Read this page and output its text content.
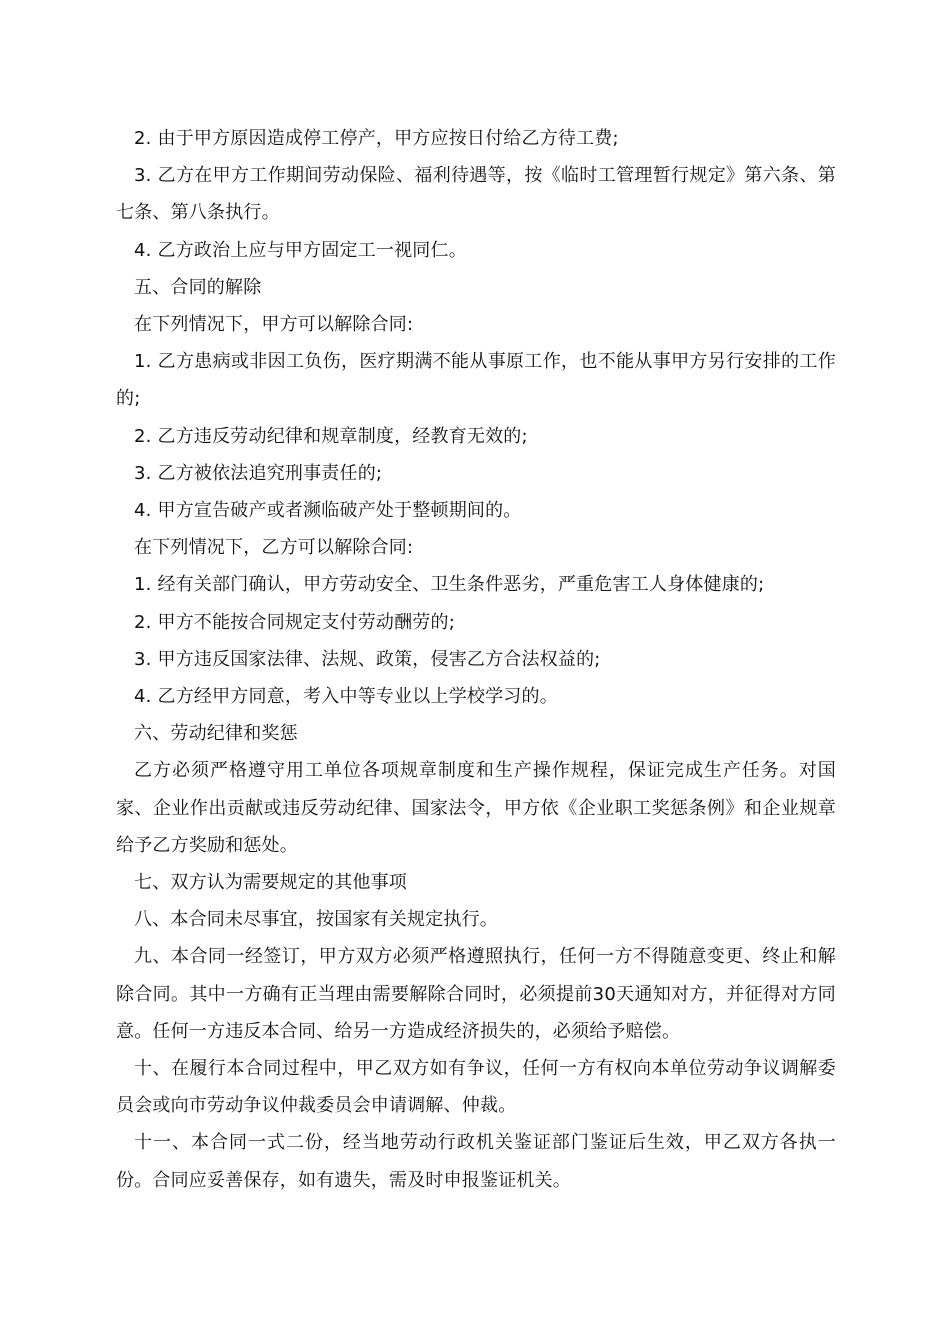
2. 由于甲方原因造成停工停产，甲方应按日付给乙方待工费;

3. 乙方在甲方工作期间劳动保险、福利待遇等，按《临时工管理暂行规定》第六条、第七条、第八条执行。

4. 乙方政治上应与甲方固定工一视同仁。

五、合同的解除

在下列情况下，甲方可以解除合同:

1. 乙方患病或非因工负伤，医疗期满不能从事原工作，也不能从事甲方另行安排的工作的;

2. 乙方违反劳动纪律和规章制度，经教育无效的;

3. 乙方被依法追究刑事责任的;

4. 甲方宣告破产或者濒临破产处于整顿期间的。

在下列情况下，乙方可以解除合同:

1. 经有关部门确认，甲方劳动安全、卫生条件恶劣，严重危害工人身体健康的;

2. 甲方不能按合同规定支付劳动酬劳的;

3. 甲方违反国家法律、法规、政策，侵害乙方合法权益的;

4. 乙方经甲方同意，考入中等专业以上学校学习的。

六、劳动纪律和奖惩

乙方必须严格遵守用工单位各项规章制度和生产操作规程，保证完成生产任务。对国家、企业作出贡献或违反劳动纪律、国家法令，甲方依《企业职工奖惩条例》和企业规章给予乙方奖励和惩处。

七、双方认为需要规定的其他事项

八、本合同未尽事宜，按国家有关规定执行。

九、本合同一经签订，甲方双方必须严格遵照执行，任何一方不得随意变更、终止和解除合同。其中一方确有正当理由需要解除合同时，必须提前30天通知对方，并征得对方同意。任何一方违反本合同、给另一方造成经济损失的，必须给予赔偿。

十、在履行本合同过程中，甲乙双方如有争议，任何一方有权向本单位劳动争议调解委员会或向市劳动争议仲裁委员会申请调解、仲裁。

十一、本合同一式二份，经当地劳动行政机关鉴证部门鉴证后生效，甲乙双方各执一份。合同应妥善保存，如有遗失，需及时申报鉴证机关。
